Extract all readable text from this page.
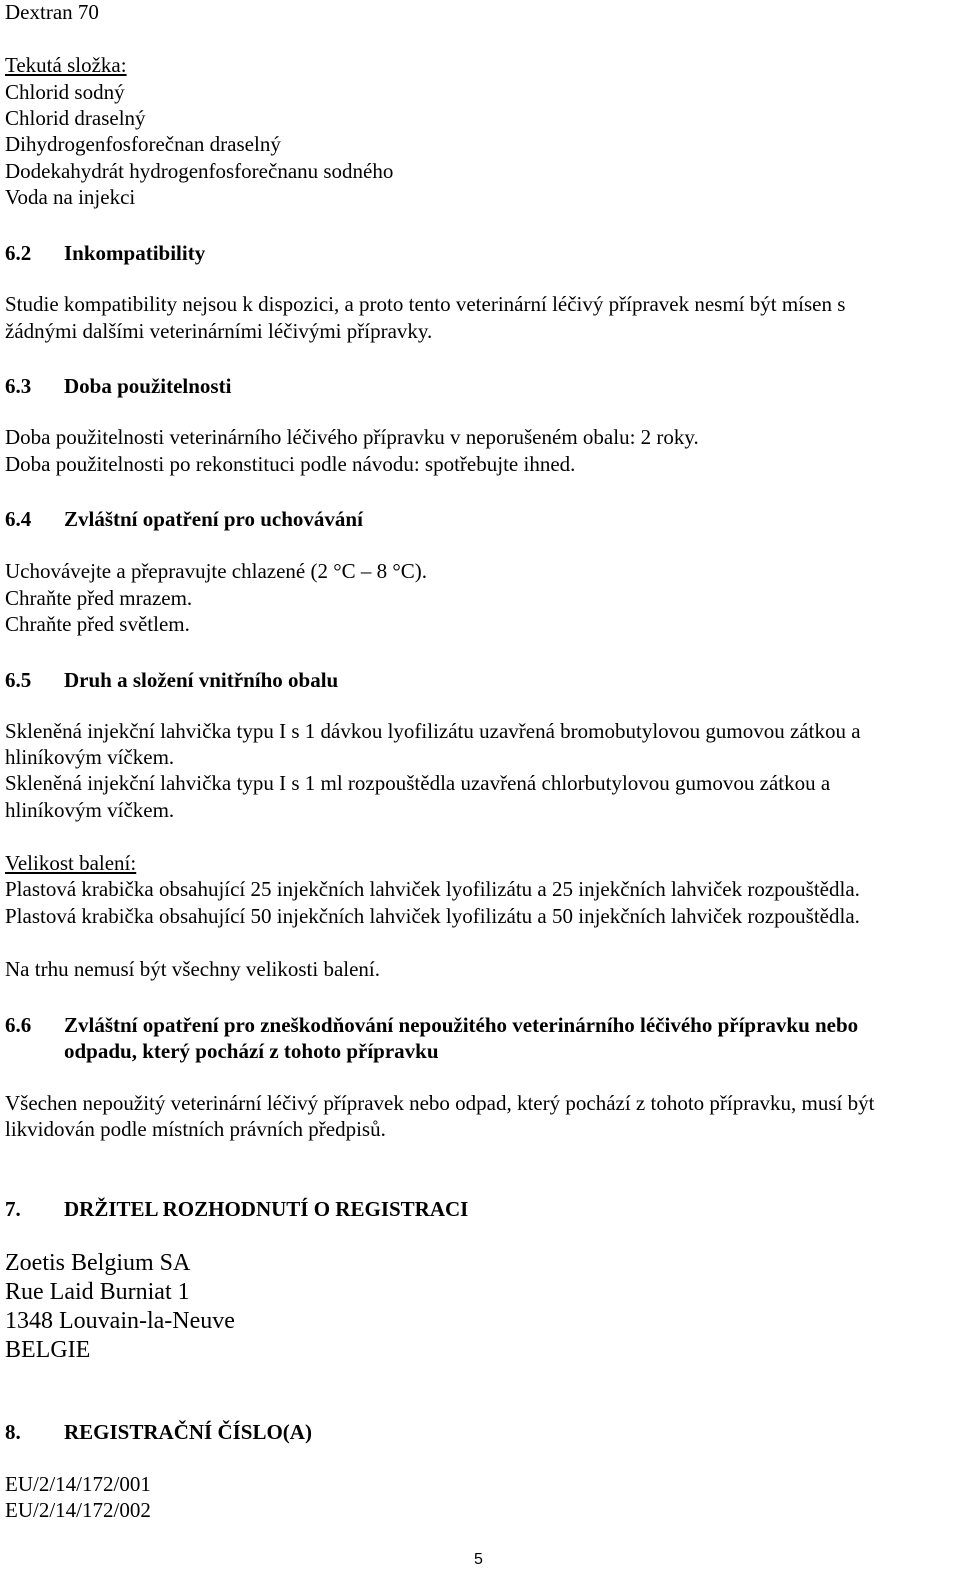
Dextran 70
Tekutá složka:
Chlorid sodný
Chlorid draselný
Dihydrogenfosforečnan draselný
Dodekahydrát hydrogenfosforečnanu sodného
Voda na injekci
6.2 Inkompatibility
Studie kompatibility nejsou k dispozici, a proto tento veterinární léčivý přípravek nesmí být mísen s
žádnými dalšími veterinárními léčivými přípravky.
6.3 Doba použitelnosti
Doba použitelnosti veterinárního léčivého přípravku v neporušeném obalu: 2 roky.
Doba použitelnosti po rekonstituci podle návodu: spotřebujte ihned.
6.4 Zvláštní opatření pro uchovávání
Uchovávejte a přepravujte chlazené (2 °C – 8 °C).
Chraňte před mrazem.
Chraňte před světlem.
6.5 Druh a složení vnitřního obalu
Skleněná injekční lahvička typu I s 1 dávkou lyofilizátu uzavřená bromobutylovou gumovou zátkou a
hliníkovým víčkem.
Skleněná injekční lahvička typu I s 1 ml rozpouštědla uzavřená chlorbutylovou gumovou zátkou a
hliníkovým víčkem.
Velikost balení:
Plastová krabička obsahující 25 injekčních lahviček lyofilizátu a 25 injekčních lahviček rozpouštědla.
Plastová krabička obsahující 50 injekčních lahviček lyofilizátu a 50 injekčních lahviček rozpouštědla.
Na trhu nemusí být všechny velikosti balení.
6.6 Zvláštní opatření pro zneškodňování nepoužitého veterinárního léčivého přípravku nebo
odpadu, který pochází z tohoto přípravku
Všechen nepoužitý veterinární léčivý přípravek nebo odpad, který pochází z tohoto přípravku, musí být
likvidován podle místních právních předpisů.
7. DRŽITEL ROZHODNUTÍ O REGISTRACI
Zoetis Belgium SA
Rue Laid Burniat 1
1348 Louvain-la-Neuve
BELGIE
8. REGISTRAČNÍ ČÍSLO(A)
EU/2/14/172/001
EU/2/14/172/002
5
